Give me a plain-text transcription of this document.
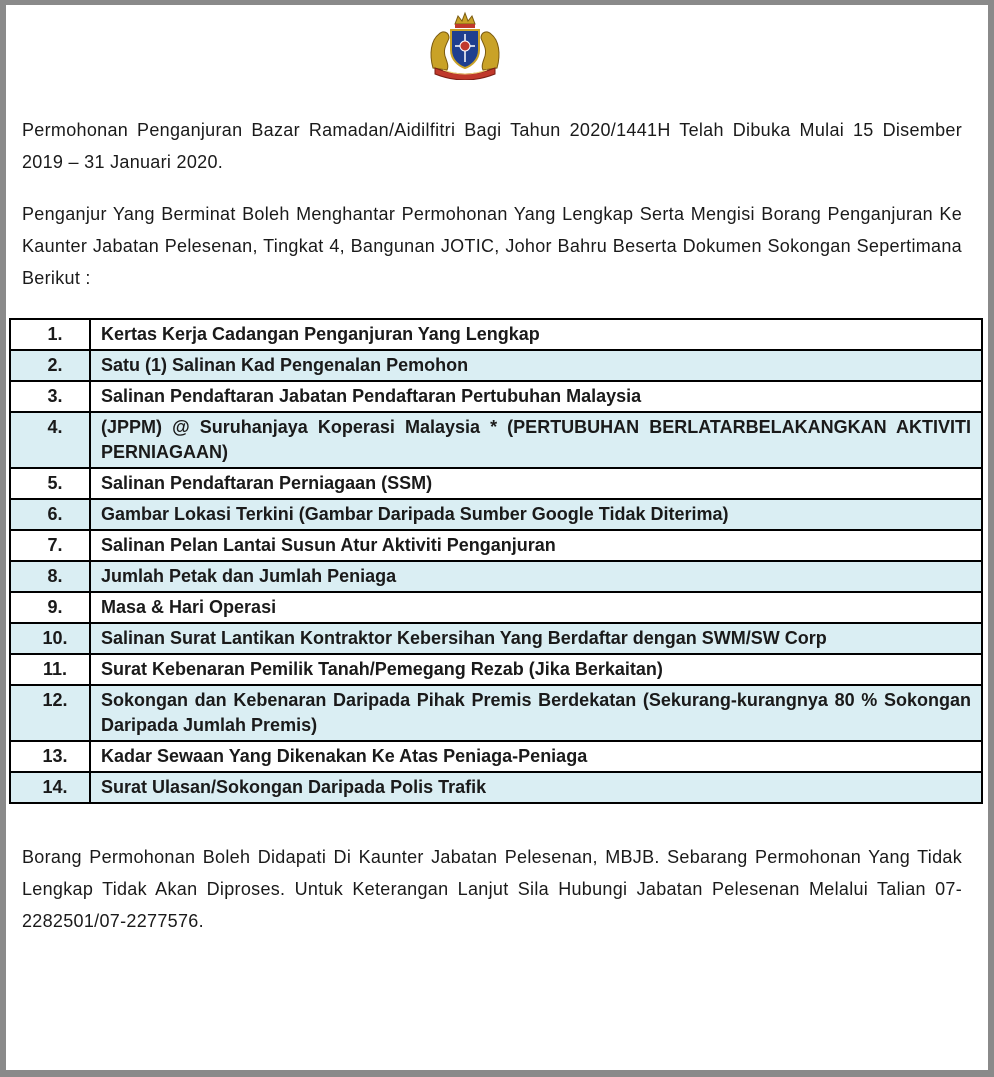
Permohonan Penganjuran Bazar Ramadan/Aidilfitri Bagi Tahun 2020/1441H Telah Dibuka Mulai 15 Disember 2019 – 31 Januari 2020.

Penganjur Yang Berminat Boleh Menghantar Permohonan Yang Lengkap Serta Mengisi Borang Penganjuran Ke Kaunter Jabatan Pelesenan, Tingkat 4, Bangunan JOTIC, Johor Bahru Beserta Dokumen Sokongan Sepertimana Berikut :

1.	Kertas Kerja Cadangan Penganjuran Yang Lengkap
2.	Satu (1) Salinan Kad Pengenalan Pemohon
3.	Salinan Pendaftaran Jabatan Pendaftaran Pertubuhan Malaysia
4.	(JPPM) @ Suruhanjaya Koperasi Malaysia * (PERTUBUHAN BERLATARBELAKANGKAN AKTIVITI PERNIAGAAN)
5.	Salinan Pendaftaran Perniagaan (SSM)
6.	Gambar Lokasi Terkini (Gambar Daripada Sumber Google Tidak Diterima)
7.	Salinan Pelan Lantai Susun Atur Aktiviti Penganjuran
8.	Jumlah Petak dan Jumlah Peniaga
9.	Masa & Hari Operasi
10.	Salinan Surat Lantikan Kontraktor Kebersihan Yang Berdaftar dengan SWM/SW Corp
11.	Surat Kebenaran Pemilik Tanah/Pemegang Rezab (Jika Berkaitan)
12.	Sokongan dan Kebenaran Daripada Pihak Premis Berdekatan (Sekurang-kurangnya 80 % Sokongan Daripada Jumlah Premis)
13.	Kadar Sewaan Yang Dikenakan Ke Atas Peniaga-Peniaga
14.	Surat Ulasan/Sokongan Daripada Polis Trafik

Borang Permohonan Boleh Didapati Di Kaunter Jabatan Pelesenan, MBJB. Sebarang Permohonan Yang Tidak Lengkap Tidak Akan Diproses. Untuk Keterangan Lanjut Sila Hubungi Jabatan Pelesenan Melalui Talian 07-2282501/07-2277576.
